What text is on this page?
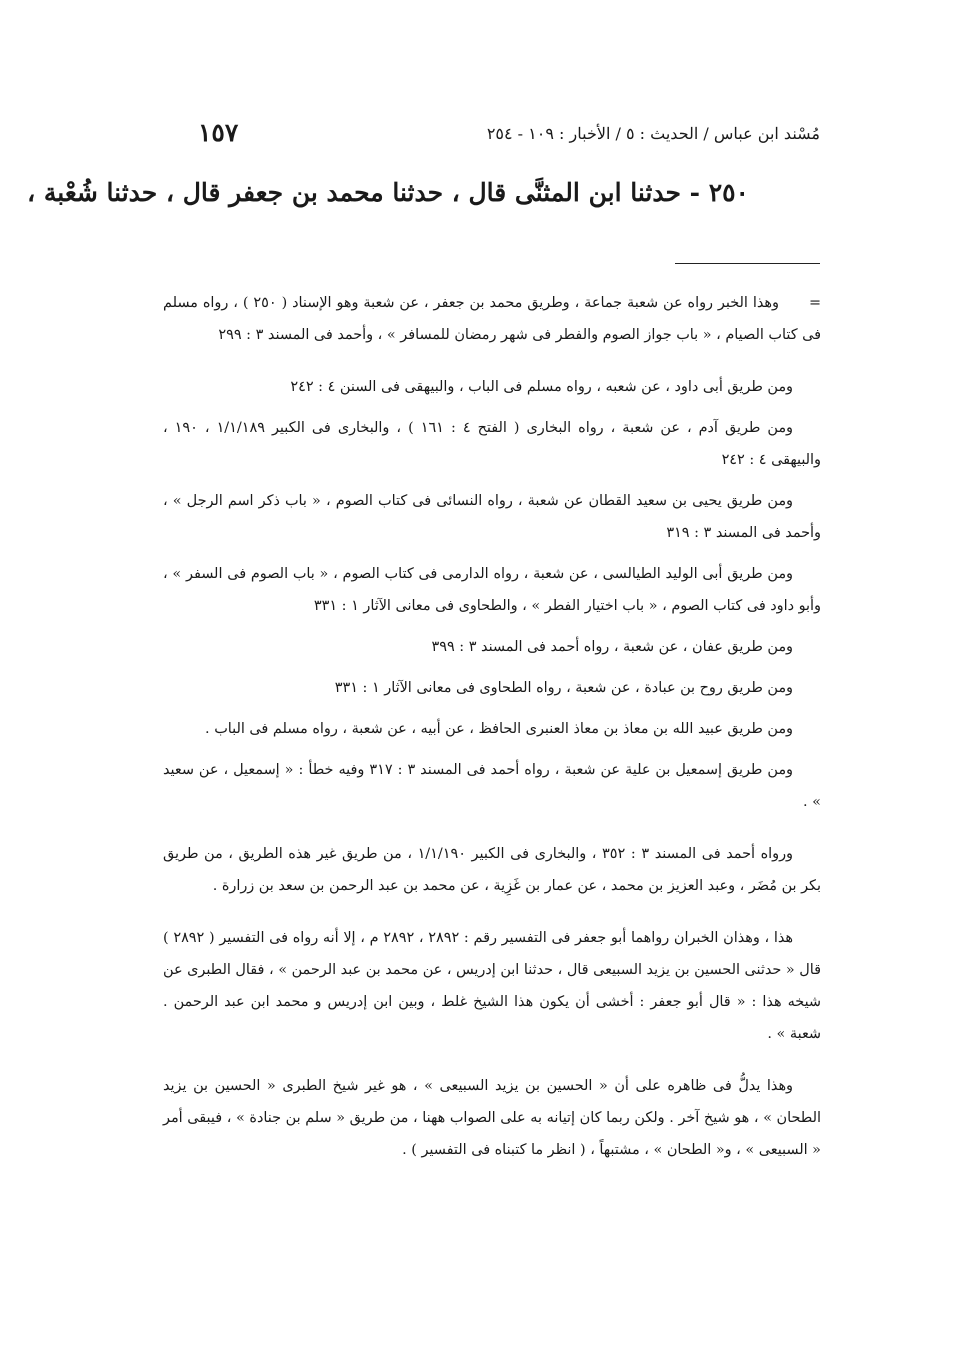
١٥٧	مُسْند ابن عباس / الحديث : ٥ / الأخبار : ١٠٩ - ٢٥٤
٢٥٠ - حدثنا ابن المثنَّى قال ، حدثنا محمد بن جعفر قال ، حدثنا شُعْبة ،

=وهذا الخبر رواه عن شعبة جماعة ، وطريق محمد بن جعفر ، عن شعبة وهو الإسناد ( ٢٥٠ ) ، رواه مسلم فى كتاب الصيام ، « باب جواز الصوم والفطر فى شهر رمضان للمسافر » ، وأحمد فى المسند ٣ : ٢٩٩

ومن طريق أبى داود ، عن شعبه ، رواه مسلم فى الباب ، والبيهقى فى السنن ٤ : ٢٤٢

ومن طريق آدم ، عن شعبة ، رواه البخارى ( الفتح ٤ : ١٦١ ) ، والبخارى فى الكبير ١/١/١٨٩ ، ١٩٠ ، والبيهقى ٤ : ٢٤٢

ومن طريق يحيى بن سعيد القطان عن شعبة ، رواه النسائى فى كتاب الصوم ، « باب ذكر اسم الرجل » ، وأحمد فى المسند ٣ : ٣١٩

ومن طريق أبى الوليد الطيالسى ، عن شعبة ، رواه الدارمى فى كتاب الصوم ، « باب الصوم فى السفر » ، وأبو داود فى كتاب الصوم ، « باب اختيار الفطر » ، والطحاوى فى معانى الآثار ١ : ٣٣١

ومن طريق عفان ، عن شعبة ، رواه أحمد فى المسند ٣ : ٣٩٩

ومن طريق روح بن عبادة ، عن شعبة ، رواه الطحاوى فى معانى الآثار ١ : ٣٣١

ومن طريق عبيد الله بن معاذ بن معاذ العنبرى الحافظ ، عن أبيه ، عن شعبة ، رواه مسلم فى الباب .

ومن طريق إسمعيل بن علية عن شعبة ، رواه أحمد فى المسند ٣ : ٣١٧ وفيه خطأ : « إسمعيل ، عن سعيد » .

ورواه أحمد فى المسند ٣ : ٣٥٢ ، والبخارى فى الكبير ١/١/١٩٠ ، من طريق غير هذه الطريق ، من طريق بكر بن مُضَر ، وعبد العزيز بن محمد ، عن عمار بن غَزِية ، عن محمد بن عبد الرحمن بن سعد بن زرارة .

هذا ، وهذان الخبران رواهما أبو جعفر فى التفسير رقم : ٢٨٩٢ ، ٢٨٩٢ م ، إلا أنه رواه فى التفسير ( ٢٨٩٢ ) قال « حدثنى الحسين بن يزيد السبيعى قال ، حدثنا ابن إدريس ، عن محمد بن عبد الرحمن » ، فقال الطبرى عن شيخه هذا : « قال أبو جعفر : أخشى أن يكون هذا الشيخ غلط ، وبين ابن إدريس و محمد ابن عبد الرحمن . شعبة » .

وهذا يدلُّ فى ظاهره على أن « الحسين بن يزيد السبيعى » ، هو غير شيخ الطبرى « الحسين بن يزيد الطحان » ، هو شيخ آخر . ولكن ربما كان إتيانه به على الصواب ههنا ، من طريق « سلم بن جنادة » ، فيبقى أمر « السبيعى » ، و« الطحان » ، مشتبهاً ، ( انظر ما كتبناه فى التفسير ) .
